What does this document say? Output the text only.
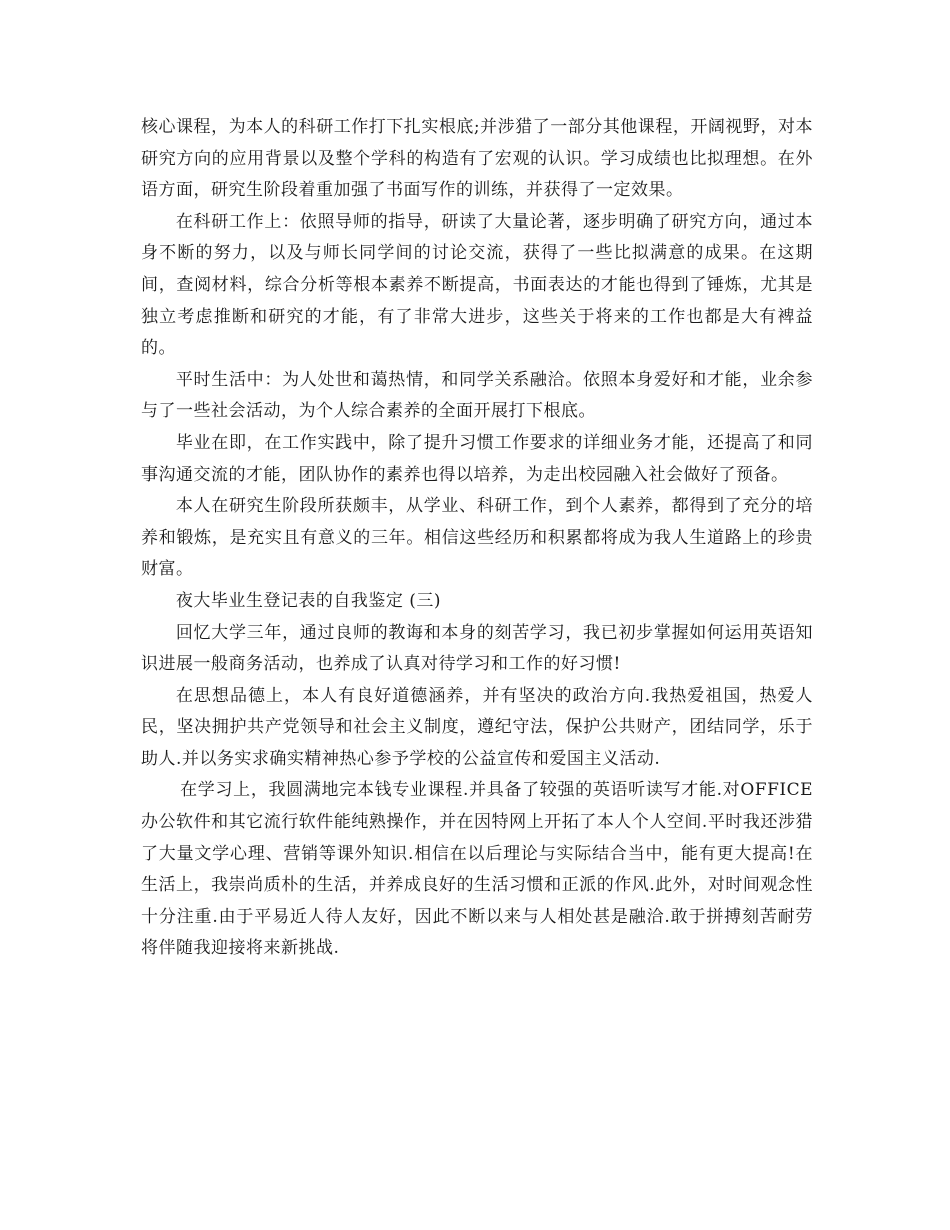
核心课程，为本人的科研工作打下扎实根底;并涉猎了一部分其他课程，开阔视野，对本研究方向的应用背景以及整个学科的构造有了宏观的认识。学习成绩也比拟理想。在外语方面，研究生阶段着重加强了书面写作的训练，并获得了一定效果。

在科研工作上：依照导师的指导，研读了大量论著，逐步明确了研究方向，通过本身不断的努力，以及与师长同学间的讨论交流，获得了一些比拟满意的成果。在这期间，查阅材料，综合分析等根本素养不断提高，书面表达的才能也得到了锤炼，尤其是独立考虑推断和研究的才能，有了非常大进步，这些关于将来的工作也都是大有裨益的。

平时生活中：为人处世和蔼热情，和同学关系融洽。依照本身爱好和才能，业余参与了一些社会活动，为个人综合素养的全面开展打下根底。

毕业在即，在工作实践中，除了提升习惯工作要求的详细业务才能，还提高了和同事沟通交流的才能，团队协作的素养也得以培养，为走出校园融入社会做好了预备。

本人在研究生阶段所获颇丰，从学业、科研工作，到个人素养，都得到了充分的培养和锻炼，是充实且有意义的三年。相信这些经历和积累都将成为我人生道路上的珍贵财富。

夜大毕业生登记表的自我鉴定 (三)

回忆大学三年，通过良师的教诲和本身的刻苦学习，我已初步掌握如何运用英语知识进展一般商务活动，也养成了认真对待学习和工作的好习惯!

在思想品德上，本人有良好道德涵养，并有坚决的政治方向.我热爱祖国，热爱人民，坚决拥护共产党领导和社会主义制度，遵纪守法，保护公共财产，团结同学，乐于助人.并以务实求确实精神热心参予学校的公益宣传和爱国主义活动.

在学习上，我圆满地完本钱专业课程.并具备了较强的英语听读写才能.对OFFICE办公软件和其它流行软件能纯熟操作，并在因特网上开拓了本人个人空间.平时我还涉猎了大量文学心理、营销等课外知识.相信在以后理论与实际结合当中，能有更大提高!在生活上，我崇尚质朴的生活，并养成良好的生活习惯和正派的作风.此外，对时间观念性十分注重.由于平易近人待人友好，因此不断以来与人相处甚是融洽.敢于拼搏刻苦耐劳将伴随我迎接将来新挑战.
